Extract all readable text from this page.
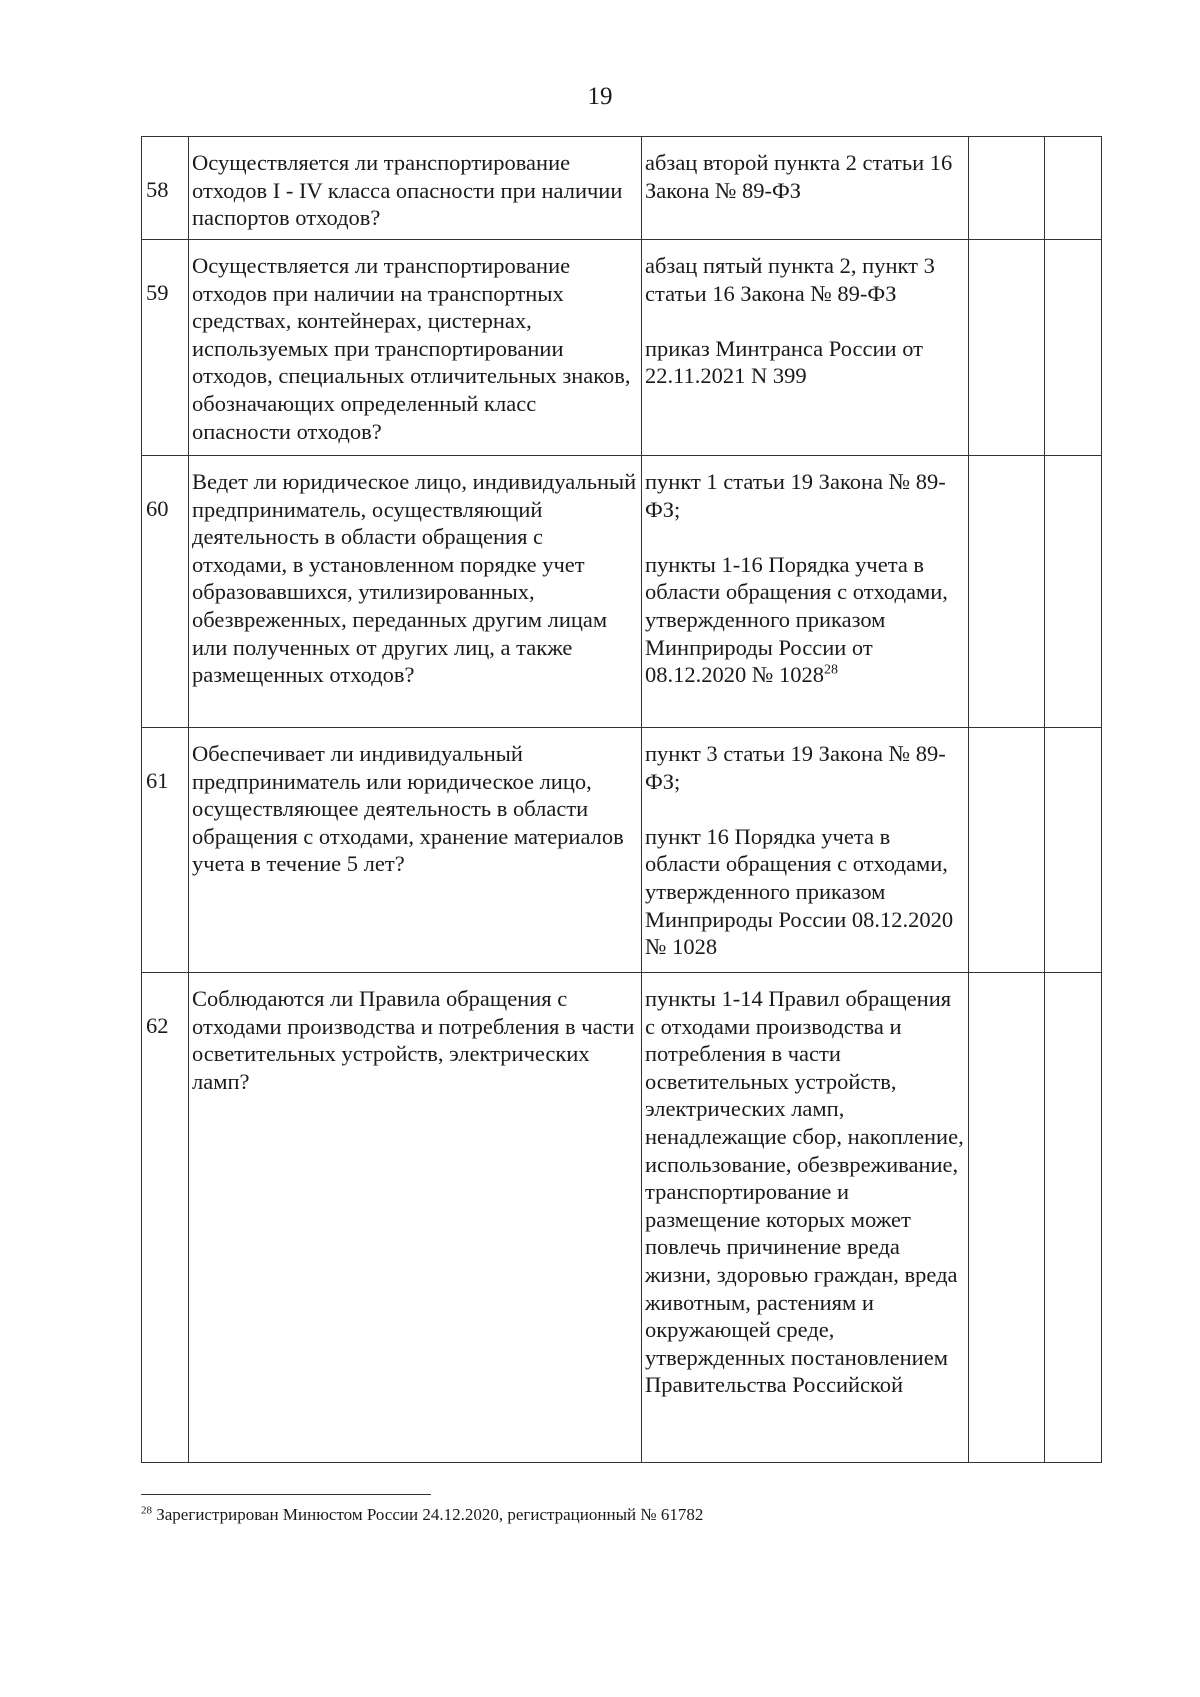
19
58	Осуществляется ли транспортирование отходов I - IV класса опасности при наличии паспортов отходов?	абзац второй пункта 2 статьи 16 Закона № 89-ФЗ		

59	Осуществляется ли транспортирование отходов при наличии на транспортных средствах, контейнерах, цистернах, используемых при транспортировании отходов, специальных отличительных знаков, обозначающих определенный класс опасности отходов?	абзац пятый пункта 2, пункт 3 статьи 16 Закона № 89-ФЗ

приказ Минтранса России от 22.11.2021 N 399		

60	Ведет ли юридическое лицо, индивидуальный предприниматель, осуществляющий деятельность в области обращения с отходами, в установленном порядке учет образовавшихся, утилизированных, обезвреженных, переданных другим лицам или полученных от других лиц, а также размещенных отходов?	пункт 1 статьи 19 Закона № 89-ФЗ;

пункты 1-16 Порядка учета в области обращения с отходами, утвержденного приказом Минприроды России от 08.12.2020 № 1028$^{28}$

61	Обеспечивает ли индивидуальный предприниматель или юридическое лицо, осуществляющее деятельность в области обращения с отходами, хранение материалов учета в течение 5 лет?	пункт 3 статьи 19 Закона № 89-ФЗ;

пункт 16 Порядка учета в области обращения с отходами, утвержденного приказом Минприроды России 08.12.2020 № 1028		

62	Соблюдаются ли Правила обращения с отходами производства и потребления в части осветительных устройств, электрических ламп?	пункты 1-14 Правил обращения с отходами производства и потребления в части осветительных устройств, электрических ламп, ненадлежащие сбор, накопление, использование, обезвреживание, транспортирование и размещение которых может повлечь причинение вреда жизни, здоровью граждан, вреда животным, растениям и окружающей среде, утвержденных постановлением Правительства Российской		

$^{28}$ Зарегистрирован Минюстом России 24.12.2020, регистрационный № 61782
